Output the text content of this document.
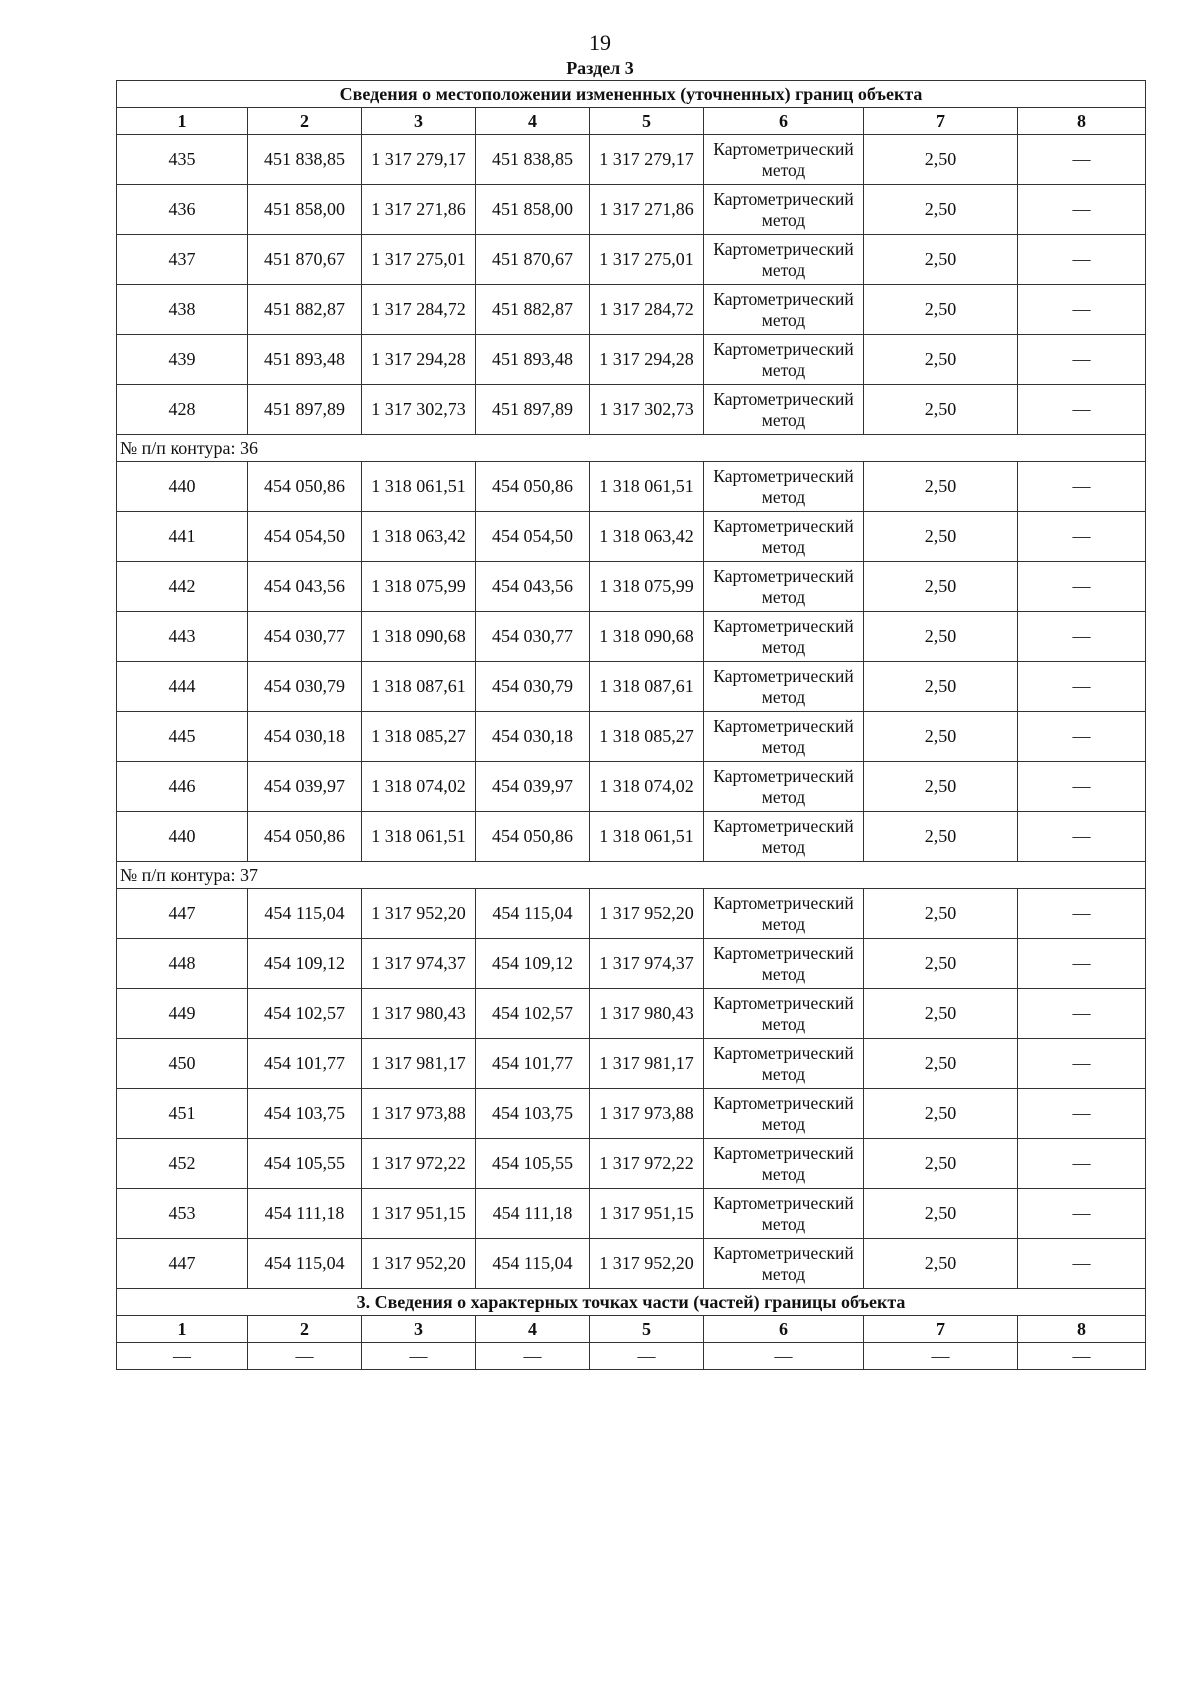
19
Раздел 3
Сведения о местоположении измененных (уточненных) границ объекта							
1	2	3	4	5	6	7	8
435	451 838,85	1 317 279,17	451 838,85	1 317 279,17	Картометрический метод	2,50	—
436	451 858,00	1 317 271,86	451 858,00	1 317 271,86	Картометрический метод	2,50	—
437	451 870,67	1 317 275,01	451 870,67	1 317 275,01	Картометрический метод	2,50	—
438	451 882,87	1 317 284,72	451 882,87	1 317 284,72	Картометрический метод	2,50	—
439	451 893,48	1 317 294,28	451 893,48	1 317 294,28	Картометрический метод	2,50	—
428	451 897,89	1 317 302,73	451 897,89	1 317 302,73	Картометрический метод	2,50	—
№ п/п контура: 36							
440	454 050,86	1 318 061,51	454 050,86	1 318 061,51	Картометрический метод	2,50	—
441	454 054,50	1 318 063,42	454 054,50	1 318 063,42	Картометрический метод	2,50	—
442	454 043,56	1 318 075,99	454 043,56	1 318 075,99	Картометрический метод	2,50	—
443	454 030,77	1 318 090,68	454 030,77	1 318 090,68	Картометрический метод	2,50	—
444	454 030,79	1 318 087,61	454 030,79	1 318 087,61	Картометрический метод	2,50	—
445	454 030,18	1 318 085,27	454 030,18	1 318 085,27	Картометрический метод	2,50	—
446	454 039,97	1 318 074,02	454 039,97	1 318 074,02	Картометрический метод	2,50	—
440	454 050,86	1 318 061,51	454 050,86	1 318 061,51	Картометрический метод	2,50	—
№ п/п контура: 37							
447	454 115,04	1 317 952,20	454 115,04	1 317 952,20	Картометрический метод	2,50	—
448	454 109,12	1 317 974,37	454 109,12	1 317 974,37	Картометрический метод	2,50	—
449	454 102,57	1 317 980,43	454 102,57	1 317 980,43	Картометрический метод	2,50	—
450	454 101,77	1 317 981,17	454 101,77	1 317 981,17	Картометрический метод	2,50	—
451	454 103,75	1 317 973,88	454 103,75	1 317 973,88	Картометрический метод	2,50	—
452	454 105,55	1 317 972,22	454 105,55	1 317 972,22	Картометрический метод	2,50	—
453	454 111,18	1 317 951,15	454 111,18	1 317 951,15	Картометрический метод	2,50	—
447	454 115,04	1 317 952,20	454 115,04	1 317 952,20	Картометрический метод	2,50	—
3. Сведения о характерных точках части (частей) границы объекта							
1	2	3	4	5	6	7	8
—	—	—	—	—	—	—	—
